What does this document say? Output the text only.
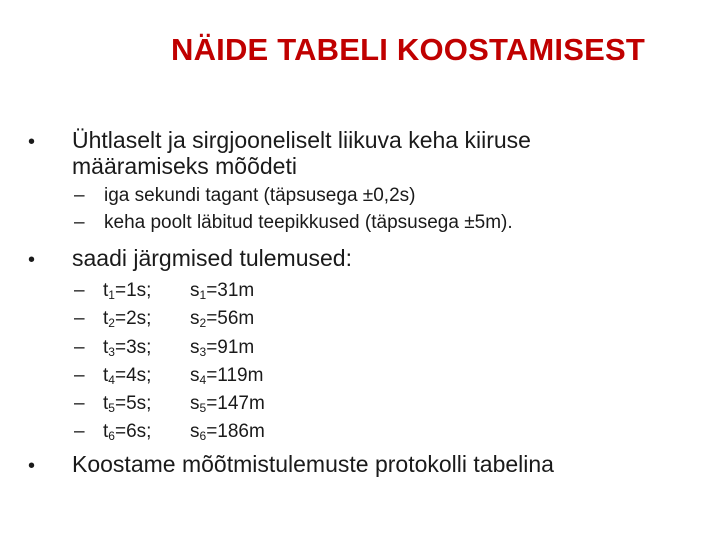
NÄIDE TABELI KOOSTAMISEST
• Ühtlaselt ja sirgjooneliselt liikuva keha kiiruse
määramiseks mõõdeti
– iga sekundi tagant (täpsusega ±0,2s)
– keha poolt läbitud teepikkused (täpsusega ±5m).
• saadi järgmised tulemused:
– $t_1=1s$; $s_1=31m$
– $t_2=2s$; $s_2=56m$
– $t_3=3s$; $s_3=91m$
– $t_4=4s$; $s_4=119m$
– $t_5=5s$; $s_5=147m$
– $t_6=6s$; $s_6=186m$
• Koostame mõõtmistulemuste protokolli tabelina
